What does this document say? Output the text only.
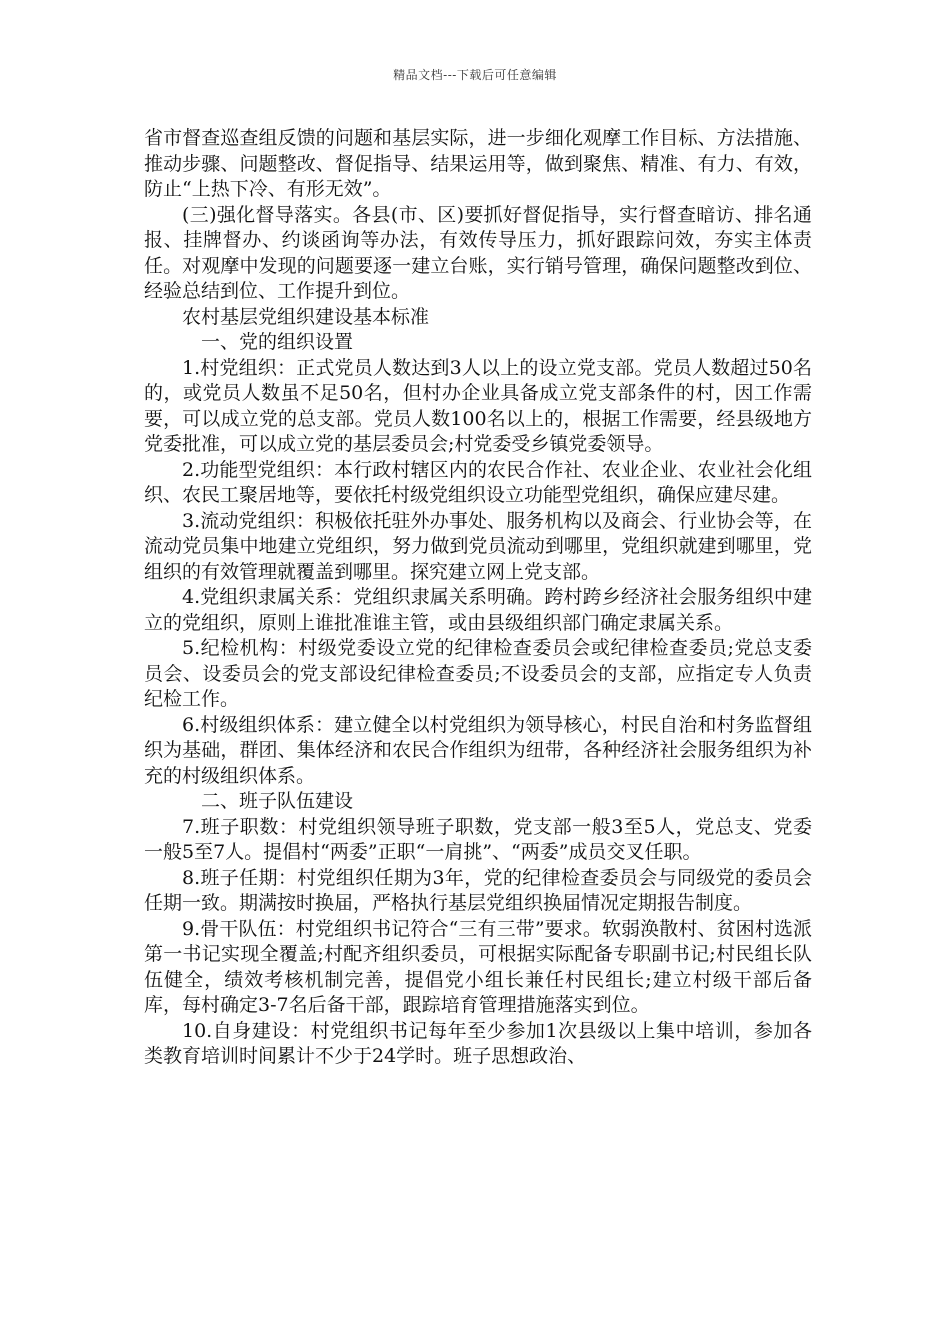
精品文档---下载后可任意编辑

省市督查巡查组反馈的问题和基层实际，进一步细化观摩工作目标、方法措施、推动步骤、问题整改、督促指导、结果运用等，做到聚焦、精准、有力、有效，防止“上热下冷、有形无效”。

(三)强化督导落实。各县(市、区)要抓好督促指导，实行督查暗访、排名通报、挂牌督办、约谈函询等办法，有效传导压力，抓好跟踪问效，夯实主体责任。对观摩中发现的问题要逐一建立台账，实行销号管理，确保问题整改到位、经验总结到位、工作提升到位。

农村基层党组织建设基本标准

一、党的组织设置

1.村党组织：正式党员人数达到3人以上的设立党支部。党员人数超过50名的，或党员人数虽不足50名，但村办企业具备成立党支部条件的村，因工作需要，可以成立党的总支部。党员人数100名以上的，根据工作需要，经县级地方党委批准，可以成立党的基层委员会;村党委受乡镇党委领导。

2.功能型党组织：本行政村辖区内的农民合作社、农业企业、农业社会化组织、农民工聚居地等，要依托村级党组织设立功能型党组织，确保应建尽建。

3.流动党组织：积极依托驻外办事处、服务机构以及商会、行业协会等，在流动党员集中地建立党组织，努力做到党员流动到哪里，党组织就建到哪里，党组织的有效管理就覆盖到哪里。探究建立网上党支部。

4.党组织隶属关系：党组织隶属关系明确。跨村跨乡经济社会服务组织中建立的党组织，原则上谁批准谁主管，或由县级组织部门确定隶属关系。

5.纪检机构：村级党委设立党的纪律检查委员会或纪律检查委员;党总支委员会、设委员会的党支部设纪律检查委员;不设委员会的支部，应指定专人负责纪检工作。

6.村级组织体系：建立健全以村党组织为领导核心，村民自治和村务监督组织为基础，群团、集体经济和农民合作组织为纽带，各种经济社会服务组织为补充的村级组织体系。

二、班子队伍建设

7.班子职数：村党组织领导班子职数，党支部一般3至5人，党总支、党委一般5至7人。提倡村“两委”正职“一肩挑”、“两委”成员交叉任职。

8.班子任期：村党组织任期为3年，党的纪律检查委员会与同级党的委员会任期一致。期满按时换届，严格执行基层党组织换届情况定期报告制度。

9.骨干队伍：村党组织书记符合“三有三带”要求。软弱涣散村、贫困村选派第一书记实现全覆盖;村配齐组织委员，可根据实际配备专职副书记;村民组长队伍健全，绩效考核机制完善，提倡党小组长兼任村民组长;建立村级干部后备库，每村确定3-7名后备干部，跟踪培育管理措施落实到位。

10.自身建设：村党组织书记每年至少参加1次县级以上集中培训，参加各类教育培训时间累计不少于24学时。班子思想政治、
